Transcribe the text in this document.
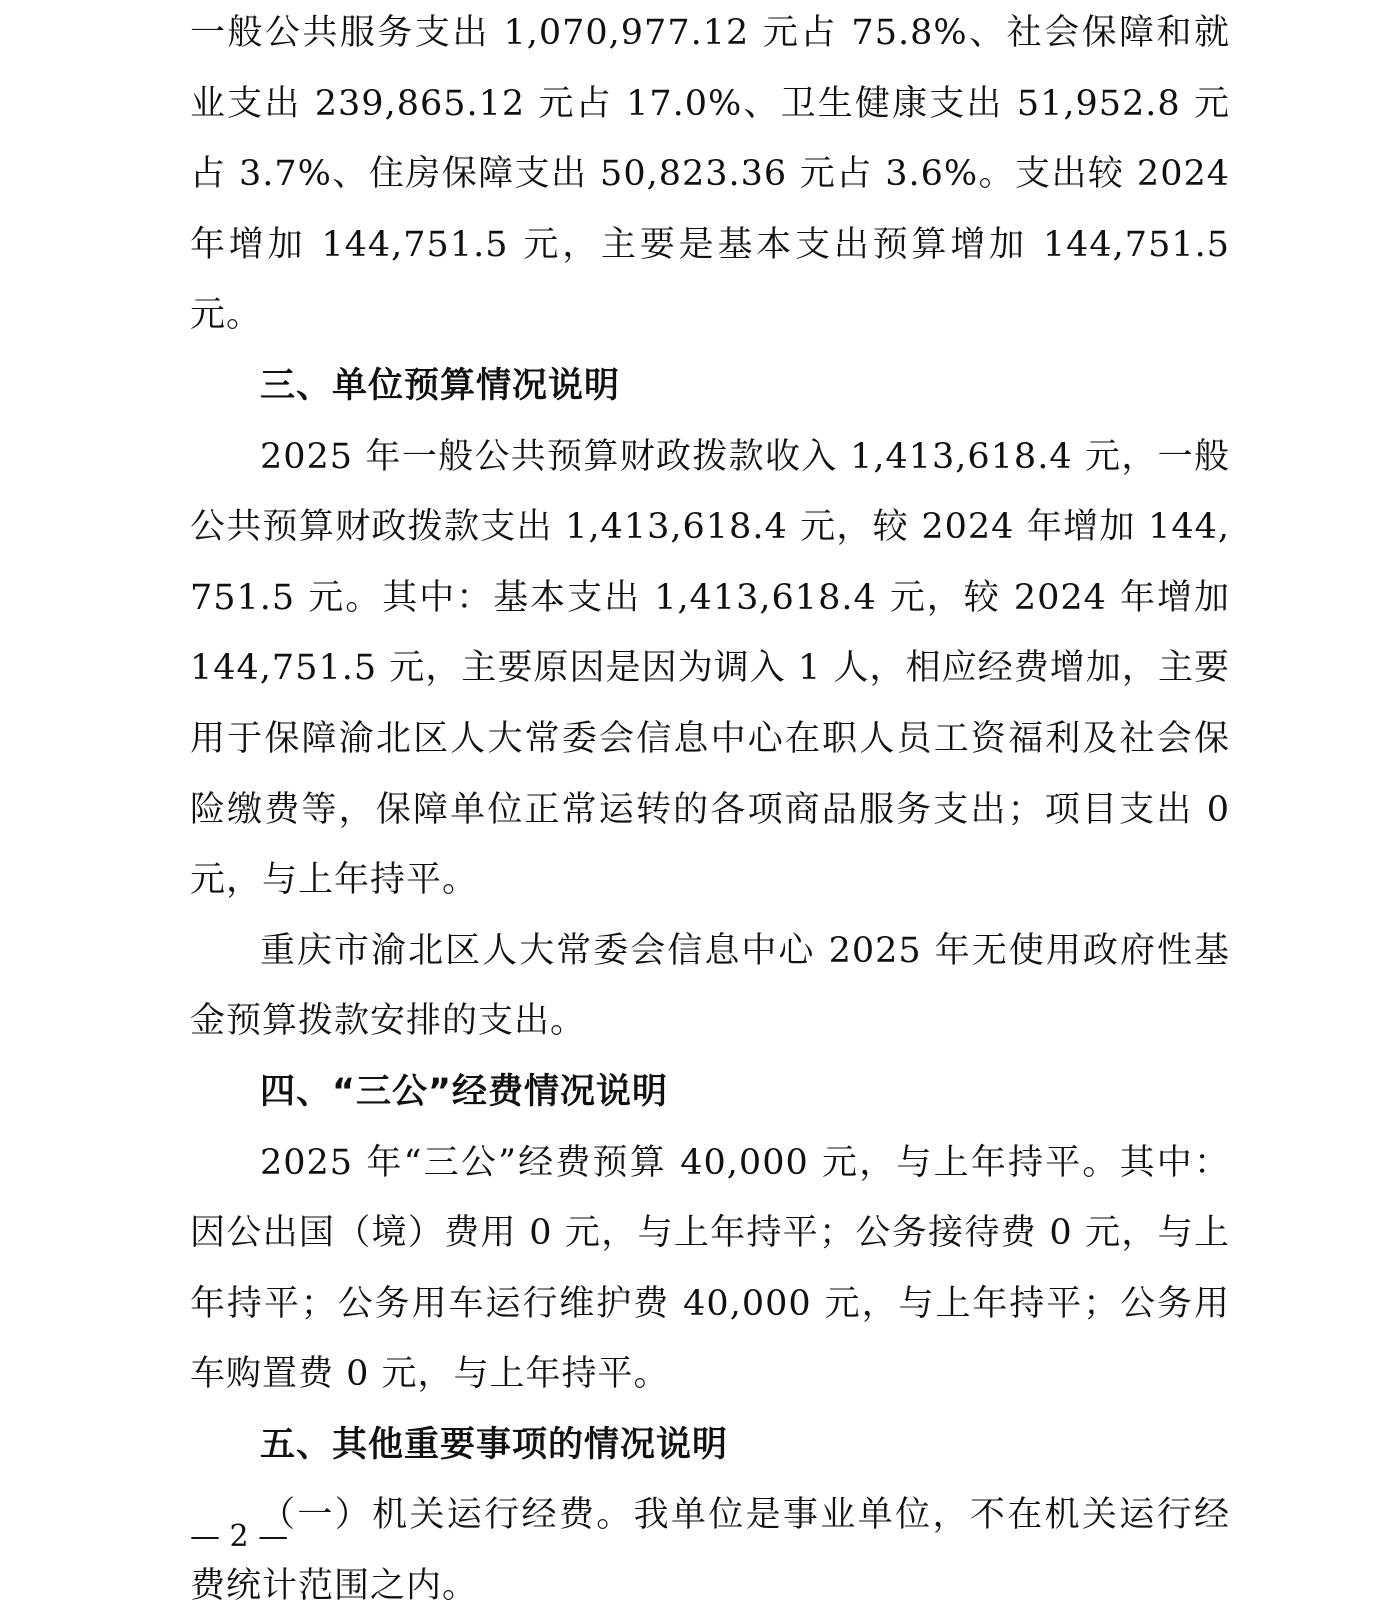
一般公共服务支出 1,070,977.12 元占 75.8%、社会保障和就业支出 239,865.12 元占 17.0%、卫生健康支出 51,952.8 元占 3.7%、住房保障支出 50,823.36 元占 3.6%。支出较 2024 年增加 144,751.5 元，主要是基本支出预算增加 144,751.5 元。

三、单位预算情况说明

2025 年一般公共预算财政拨款收入 1,413,618.4 元，一般公共预算财政拨款支出 1,413,618.4 元，较 2024 年增加 144,751.5 元。其中：基本支出 1,413,618.4 元，较 2024 年增加 144,751.5 元，主要原因是因为调入 1 人，相应经费增加，主要用于保障渝北区人大常委会信息中心在职人员工资福利及社会保险缴费等，保障单位正常运转的各项商品服务支出；项目支出 0 元，与上年持平。

重庆市渝北区人大常委会信息中心 2025 年无使用政府性基金预算拨款安排的支出。

四、“三公”经费情况说明

2025 年“三公”经费预算 40,000 元，与上年持平。其中：因公出国（境）费用 0 元，与上年持平；公务接待费 0 元，与上年持平；公务用车运行维护费 40,000 元，与上年持平；公务用车购置费 0 元，与上年持平。

五、其他重要事项的情况说明

（一）机关运行经费。我单位是事业单位，不在机关运行经费统计范围之内。

— 2 —
